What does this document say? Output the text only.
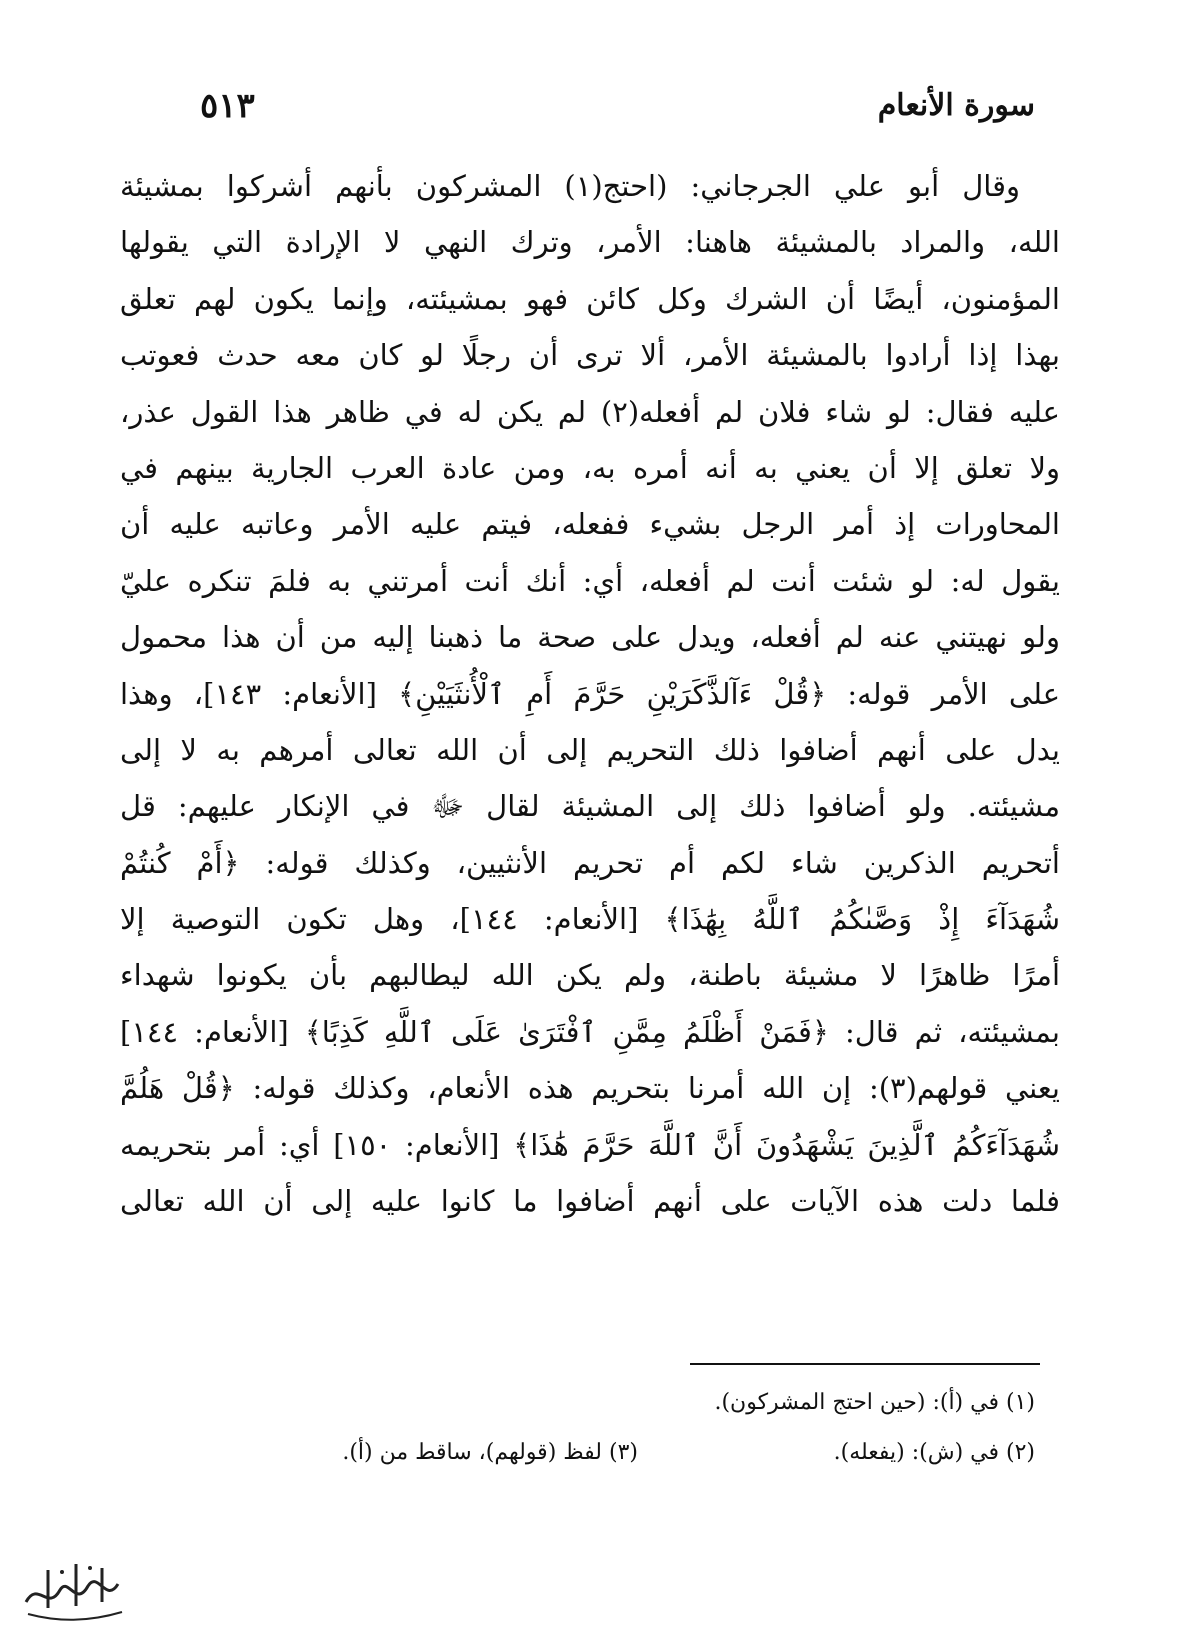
سورة الأنعام
٥١٣
وقال أبو علي الجرجاني: (احتج(١) المشركون بأنهم أشركوا بمشيئة
الله، والمراد بالمشيئة هاهنا: الأمر، وترك النهي لا الإرادة التي يقولها
المؤمنون، أيضًا أن الشرك وكل كائن فهو بمشيئته، وإنما يكون لهم تعلق
بهذا إذا أرادوا بالمشيئة الأمر، ألا ترى أن رجلًا لو كان معه حدث فعوتب
عليه فقال: لو شاء فلان لم أفعله(٢) لم يكن له في ظاهر هذا القول عذر،
ولا تعلق إلا أن يعني به أنه أمره به، ومن عادة العرب الجارية بينهم في
المحاورات إذ أمر الرجل بشيء ففعله، فيتم عليه الأمر وعاتبه عليه أن
يقول له: لو شئت أنت لم أفعله، أي: أنك أنت أمرتني به فلمَ تنكره عليّ
ولو نهيتني عنه لم أفعله، ويدل على صحة ما ذهبنا إليه من أن هذا محمول
على الأمر قوله: ﴿قُلْ ءَآلذَّكَرَيْنِ حَرَّمَ أَمِ ٱلْأُنثَيَيْنِ﴾ [الأنعام: ١٤٣]، وهذا
يدل على أنهم أضافوا ذلك التحريم إلى أن الله تعالى أمرهم به لا إلى
مشيئته. ولو أضافوا ذلك إلى المشيئة لقال ﷻ في الإنكار عليهم: قل
أتحريم الذكرين شاء لكم أم تحريم الأنثيين، وكذلك قوله: ﴿أَمْ كُنتُمْ
شُهَدَآءَ إِذْ وَصَّىٰكُمُ ٱللَّهُ بِهَٰذَا﴾ [الأنعام: ١٤٤]، وهل تكون التوصية إلا
أمرًا ظاهرًا لا مشيئة باطنة، ولم يكن الله ليطالبهم بأن يكونوا شهداء
بمشيئته، ثم قال: ﴿فَمَنْ أَظْلَمُ مِمَّنِ ٱفْتَرَىٰ عَلَى ٱللَّهِ كَذِبًا﴾ [الأنعام: ١٤٤]
يعني قولهم(٣): إن الله أمرنا بتحريم هذه الأنعام، وكذلك قوله: ﴿قُلْ هَلُمَّ
شُهَدَآءَكُمُ ٱلَّذِينَ يَشْهَدُونَ أَنَّ ٱللَّهَ حَرَّمَ هَٰذَا﴾ [الأنعام: ١٥٠] أي: أمر بتحريمه
فلما دلت هذه الآيات على أنهم أضافوا ما كانوا عليه إلى أن الله تعالى
(١) في (أ): (حين احتج المشركون).
(٢) في (ش): (يفعله). (٣) لفظ (قولهم)، ساقط من (أ).
